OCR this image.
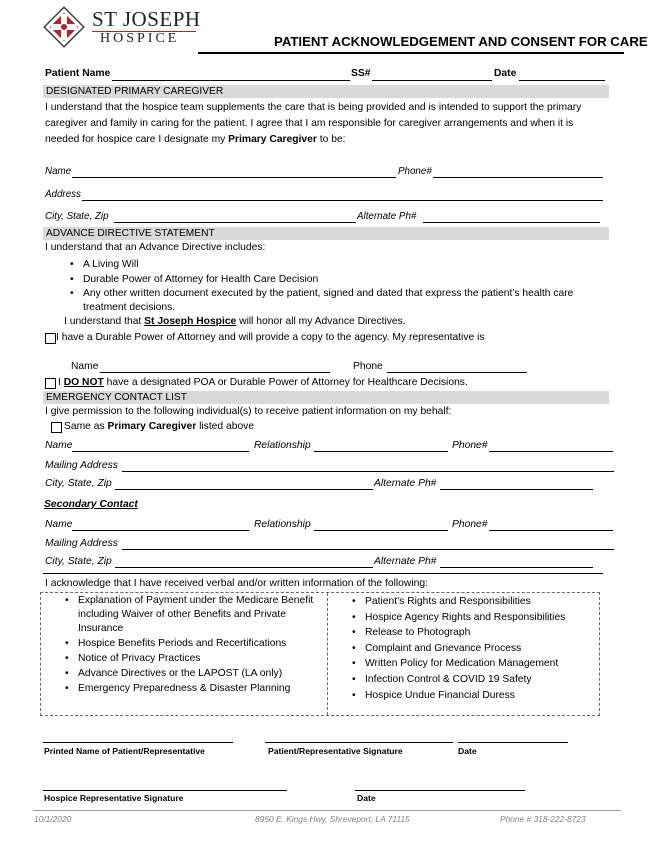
ST JOSEPH
HOSPICE	PATIENT ACKNOWLEDGEMENT AND CONSENT FOR CARE
Patient Name	SS#	Date
DESIGNATED PRIMARY CAREGIVER
I understand that the hospice team supplements the care that is being provided and is intended to support the primary caregiver and family in caring for the patient. I agree that I am responsible for caregiver arrangements and when it is needed for hospice care I designate my Primary Caregiver to be:
Name	Phone#
Address
City, State, Zip	Alternate Ph#
ADVANCE DIRECTIVE STATEMENT
I understand that an Advance Directive includes:
• A Living Will
• Durable Power of Attorney for Health Care Decision
• Any other written document executed by the patient, signed and dated that express the patient’s health care treatment decisions.
I understand that St Joseph Hospice will honor all my Advance Directives.
I have a Durable Power of Attorney and will provide a copy to the agency. My representative is
Name	Phone
I DO NOT have a designated POA or Durable Power of Attorney for Healthcare Decisions.
EMERGENCY CONTACT LIST
I give permission to the following individual(s) to receive patient information on my behalf:
Same as Primary Caregiver listed above
Name	Relationship	Phone#
Mailing Address
City, State, Zip	Alternate Ph#
Secondary Contact
Name	Relationship	Phone#
Mailing Address
City, State, Zip	Alternate Ph#
I acknowledge that I have received verbal and/or written information of the following:
• Explanation of Payment under the Medicare Benefit including Waiver of other Benefits and Private Insurance
• Hospice Benefits Periods and Recertifications
• Notice of Privacy Practices
• Advance Directives or the LAPOST (LA only)
• Emergency Preparedness & Disaster Planning
• Patient’s Rights and Responsibilities
• Hospice Agency Rights and Responsibilities
• Release to Photograph
• Complaint and Grievance Process
• Written Policy for Medication Management
• Infection Control & COVID 19 Safety
• Hospice Undue Financial Duress
Printed Name of Patient/Representative	Patient/Representative Signature	Date
Hospice Representative Signature	Date
10/1/2020	8950 E. Kings Hwy, Shreveport, LA 71115	Phone # 318-222-8723
